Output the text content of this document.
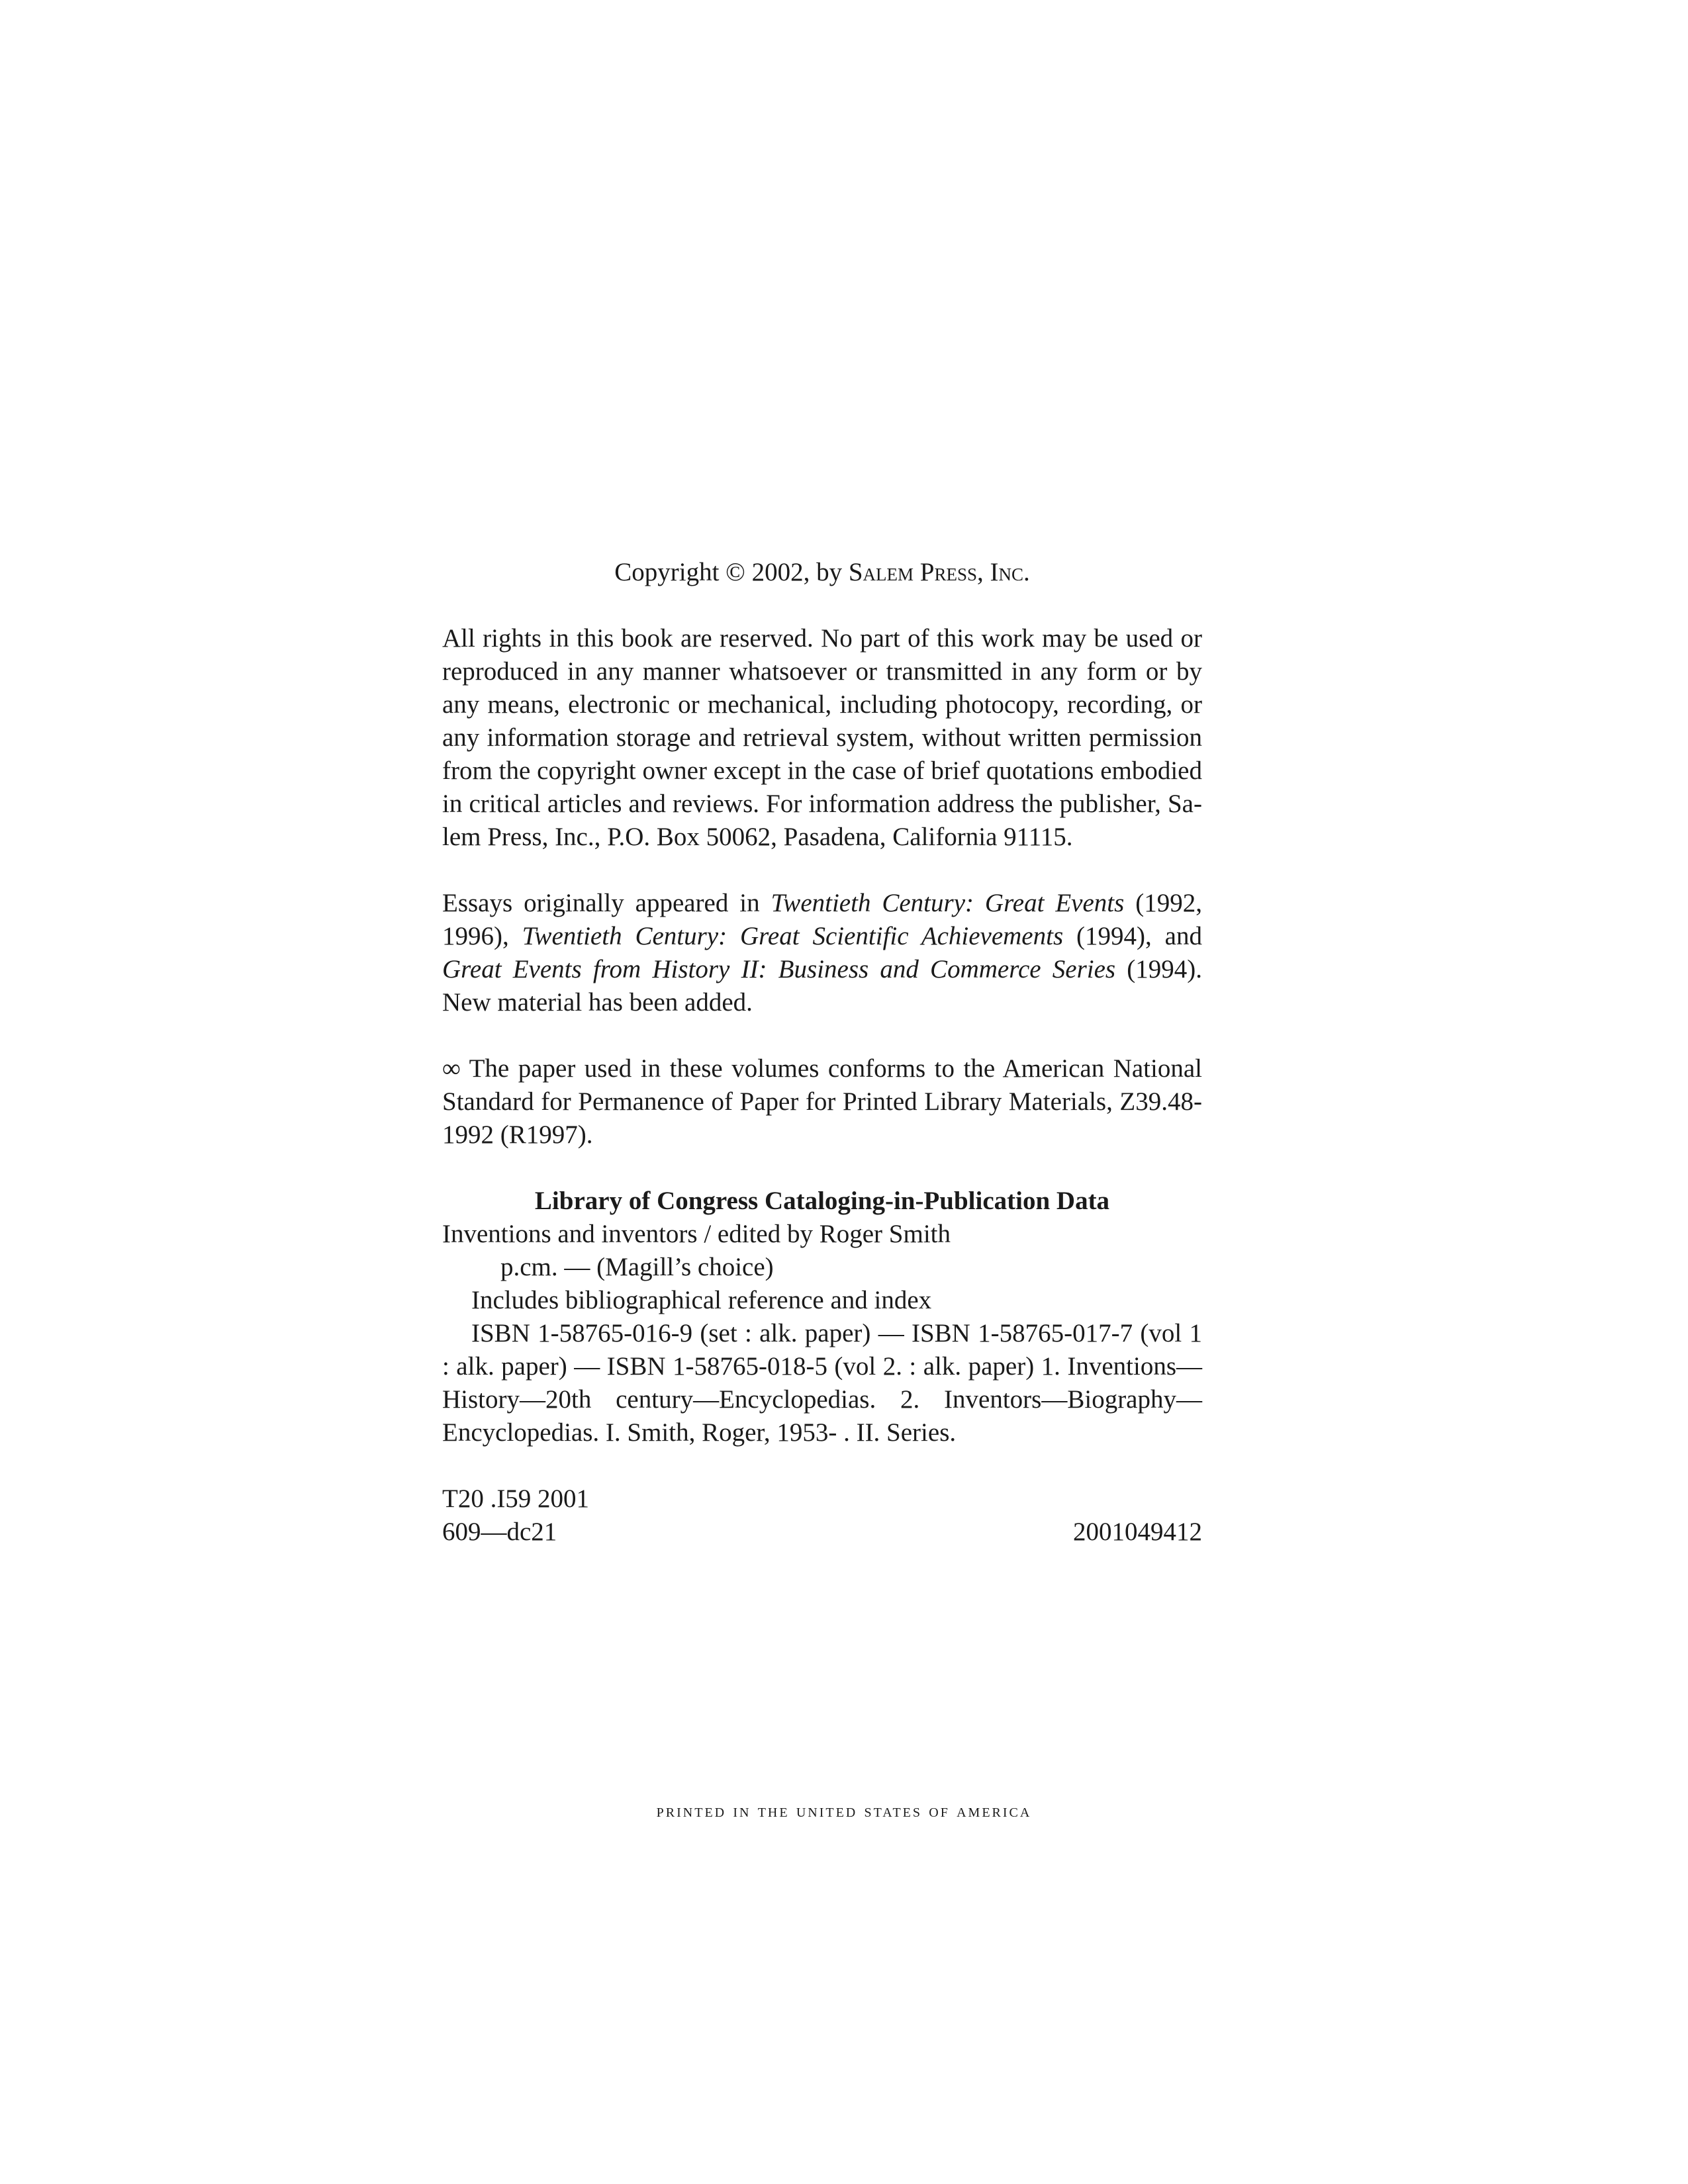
Copyright © 2002, by Salem Press, Inc.

All rights in this book are reserved. No part of this work may be used or reproduced in any manner whatsoever or transmitted in any form or by any means, electronic or mechanical, including photocopy, recording, or any information storage and retrieval system, without written permission from the copyright owner except in the case of brief quotations embodied in critical articles and reviews. For information address the publisher, Salem Press, Inc., P.O. Box 50062, Pasadena, California 91115.

Essays originally appeared in Twentieth Century: Great Events (1992, 1996), Twentieth Century: Great Scientific Achievements (1994), and Great Events from History II: Business and Commerce Series (1994). New material has been added.

∞ The paper used in these volumes conforms to the American National Standard for Permanence of Paper for Printed Library Materials, Z39.48-1992 (R1997).

Library of Congress Cataloging-in-Publication Data

Inventions and inventors / edited by Roger Smith

p.cm. — (Magill’s choice)

Includes bibliographical reference and index

ISBN 1-58765-016-9 (set : alk. paper) — ISBN 1-58765-017-7 (vol 1 : alk. paper) — ISBN 1-58765-018-5 (vol 2. : alk. paper) 1. Inventions—History—20th century—Encyclopedias. 2. Inventors—Biography—Encyclopedias. I. Smith, Roger, 1953- . II. Series.

T20 .I59 2001

609—dc21	2001049412
printed in the united states of america
